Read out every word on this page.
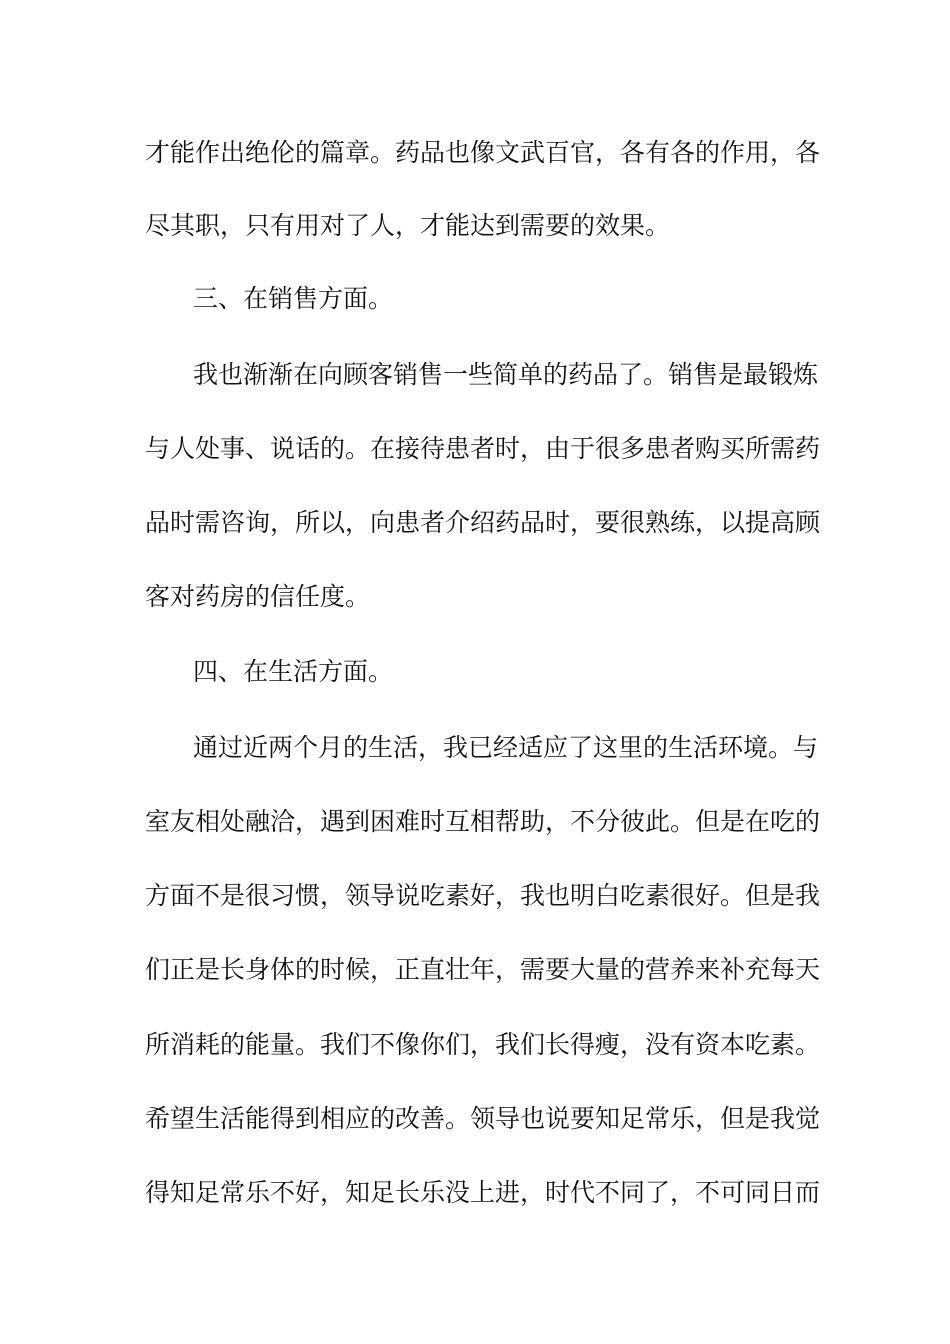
才能作出绝伦的篇章。药品也像文武百官，各有各的作用，各
尽其职，只有用对了人，才能达到需要的效果。
三、在销售方面。
我也渐渐在向顾客销售一些简单的药品了。销售是最锻炼
与人处事、说话的。在接待患者时，由于很多患者购买所需药
品时需咨询，所以，向患者介绍药品时，要很熟练，以提高顾
客对药房的信任度。
四、在生活方面。
通过近两个月的生活，我已经适应了这里的生活环境。与
室友相处融洽，遇到困难时互相帮助，不分彼此。但是在吃的
方面不是很习惯，领导说吃素好，我也明白吃素很好。但是我
们正是长身体的时候，正直壮年，需要大量的营养来补充每天
所消耗的能量。我们不像你们，我们长得瘦，没有资本吃素。
希望生活能得到相应的改善。领导也说要知足常乐，但是我觉
得知足常乐不好，知足长乐没上进，时代不同了，不可同日而
